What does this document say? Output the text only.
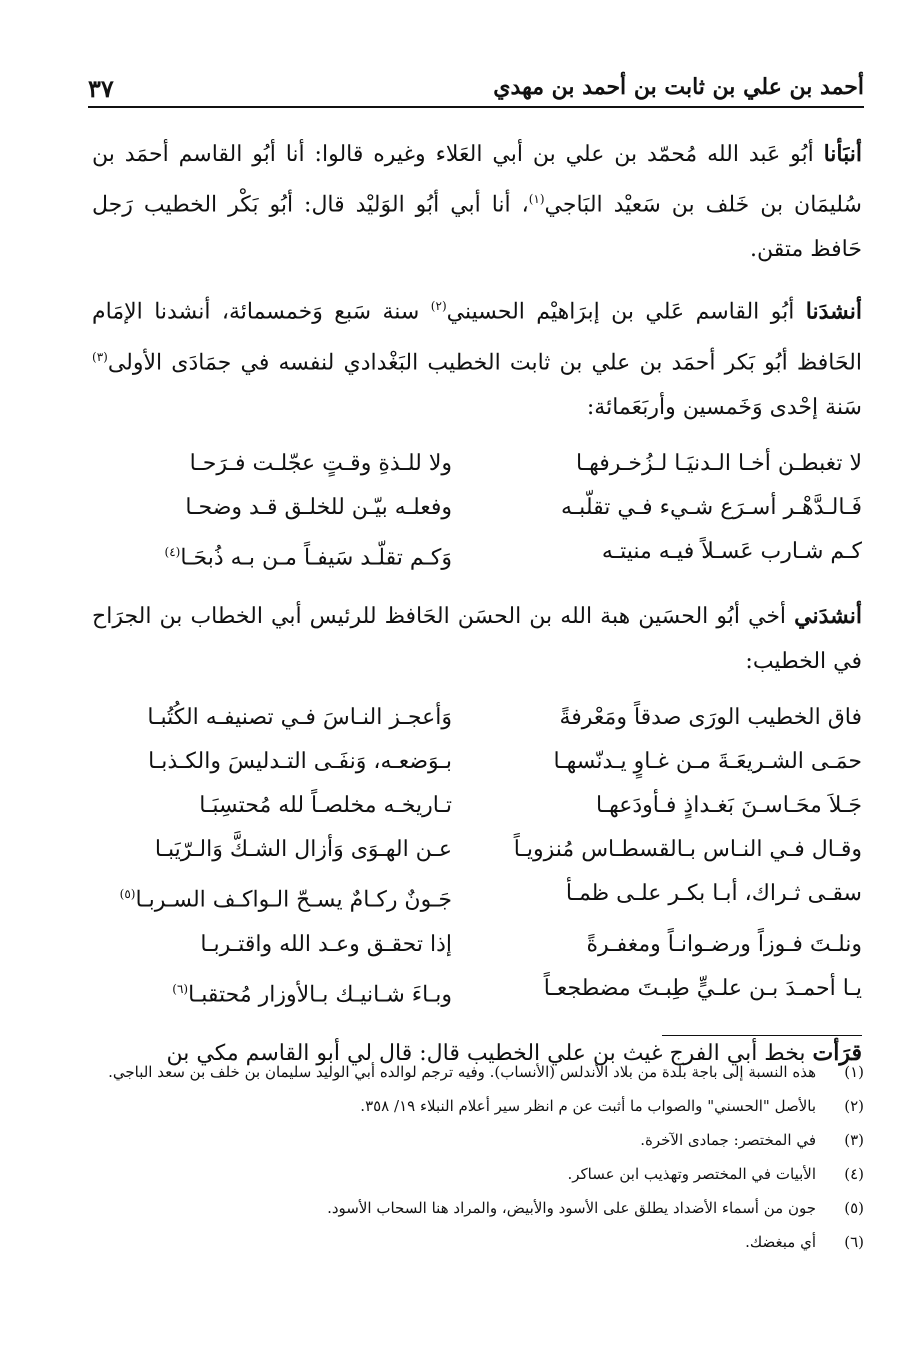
أحمد بن علي بن ثابت بن أحمد بن مهدي
٣٧

أنبَأنا أبُو عَبد الله مُحمّد بن علي بن أبي العَلاء وغيره قالوا: أنا أبُو القاسم أحمَد بن سُليمَان بن خَلف بن سَعيْد البَاجي$^{(١)}$، أنا أبي أبُو الوَليْد قال: أبُو بَكْر الخطيب رَجل حَافظ متقن.

أنشدَنا أبُو القاسم عَلي بن إبرَاهيْم الحسيني$^{(٢)}$ سنة سَبع وَخمسمائة، أنشدنا الإمَام الحَافظ أبُو بَكر أحمَد بن علي بن ثابت الخطيب البَغْدادي لنفسه في جمَادَى الأولى$^{(٣)}$ سَنة إحْدى وَخَمسين وأربَعَمائة:

لا تغبطـن أخـا الـدنيَـا لـزُخـرفهـا
ولا للـذةِ وقـتٍ عجّلـت فـرَحـا
فَـالـدَّهْـر أسـرَع شـيء فـي تقلّبـه
وفعلـه بيّـن للخلـق قـد وضحـا
كـم شـارب عَسـلاً فيـه منيتـه
وَكـم تقلّـد سَيفـاً مـن بـه ذُبحَـا$^{(٤)}$

أنشدَني أخي أبُو الحسَين هبة الله بن الحسَن الحَافظ للرئيس أبي الخطاب بن الجرَاح في الخطيب:

فاق الخطيب الورَى صدقاً ومَعْرفةً
وَأعجـز النـاسَ فـي تصنيفـه الكُتُبـا
حمَـى الشـريعَـةَ مـن غـاوٍ يـدنّسهـا
بـوَضعـه، وَنفَـى التـدليسَ والكـذبـا
جَـلاَ محَـاسـنَ بَغـداذٍ فـأودَعهـا
تـاريخـه مخلصـاً لله مُحتسِبَـا
وقـال فـي النـاس بـالقسطـاس مُنزويـاً
عـن الهـوَى وَأزال الشـكَّ وَالـرّيَبـا
سقـى ثـراك، أبـا بكـر علـى ظمـأ
جَـونٌ ركـامٌ يسـحّ الـواكـف السـربـا$^{(٥)}$
ونلـتَ فـوزاً ورضـوانـاً ومغفـرةً
إذا تحقـق وعـد الله واقتـربـا
يـا أحمـدَ بـن علـيٍّ طِبـتَ مضطجعـاً
وبـاءَ شـانيـك بـالأوزار مُحتقبـا$^{(٦)}$

قرَأت بخط أبي الفرج غيث بن علي الخطيب قال: قال لي أبو القاسم مكي بن

(١)
هذه النسبة إلى باجة بلدة من بلاد الأندلس (الأنساب). وفيه ترجم لوالده أبي الوليد سليمان بن خلف بن سعد الباجي.
(٢)
بالأصل "الحسني" والصواب ما أثبت عن م انظر سير أعلام النبلاء ١٩/ ٣٥٨.
(٣)
في المختصر: جمادى الآخرة.
(٤)
الأبيات في المختصر وتهذيب ابن عساكر.
(٥)
جون من أسماء الأضداد يطلق على الأسود والأبيض، والمراد هنا السحاب الأسود.
(٦)
أي مبغضك.
